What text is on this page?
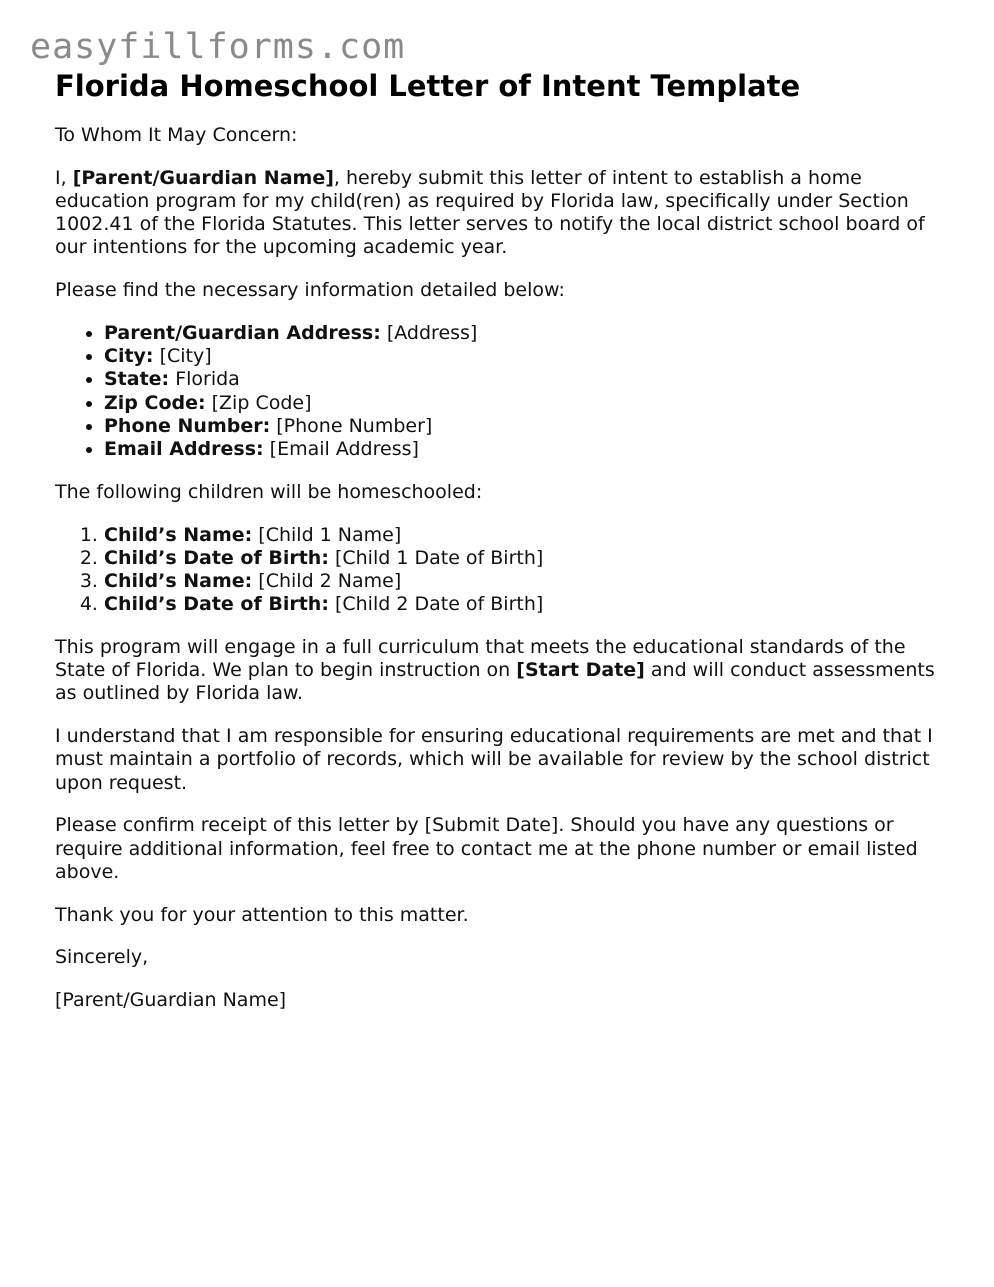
easyfillforms.com
Florida Homeschool Letter of Intent Template

To Whom It May Concern:

I, [Parent/Guardian Name], hereby submit this letter of intent to establish a home education program for my child(ren) as required by Florida law, specifically under Section 1002.41 of the Florida Statutes. This letter serves to notify the local district school board of our intentions for the upcoming academic year.

Please find the necessary information detailed below:

• Parent/Guardian Address: [Address]
• City: [City]
• State: Florida
• Zip Code: [Zip Code]
• Phone Number: [Phone Number]
• Email Address: [Email Address]

The following children will be homeschooled:

1. Child’s Name: [Child 1 Name]
2. Child’s Date of Birth: [Child 1 Date of Birth]
3. Child’s Name: [Child 2 Name]
4. Child’s Date of Birth: [Child 2 Date of Birth]

This program will engage in a full curriculum that meets the educational standards of the State of Florida. We plan to begin instruction on [Start Date] and will conduct assessments as outlined by Florida law.

I understand that I am responsible for ensuring educational requirements are met and that I must maintain a portfolio of records, which will be available for review by the school district upon request.

Please confirm receipt of this letter by [Submit Date]. Should you have any questions or require additional information, feel free to contact me at the phone number or email listed above.

Thank you for your attention to this matter.

Sincerely,

[Parent/Guardian Name]
